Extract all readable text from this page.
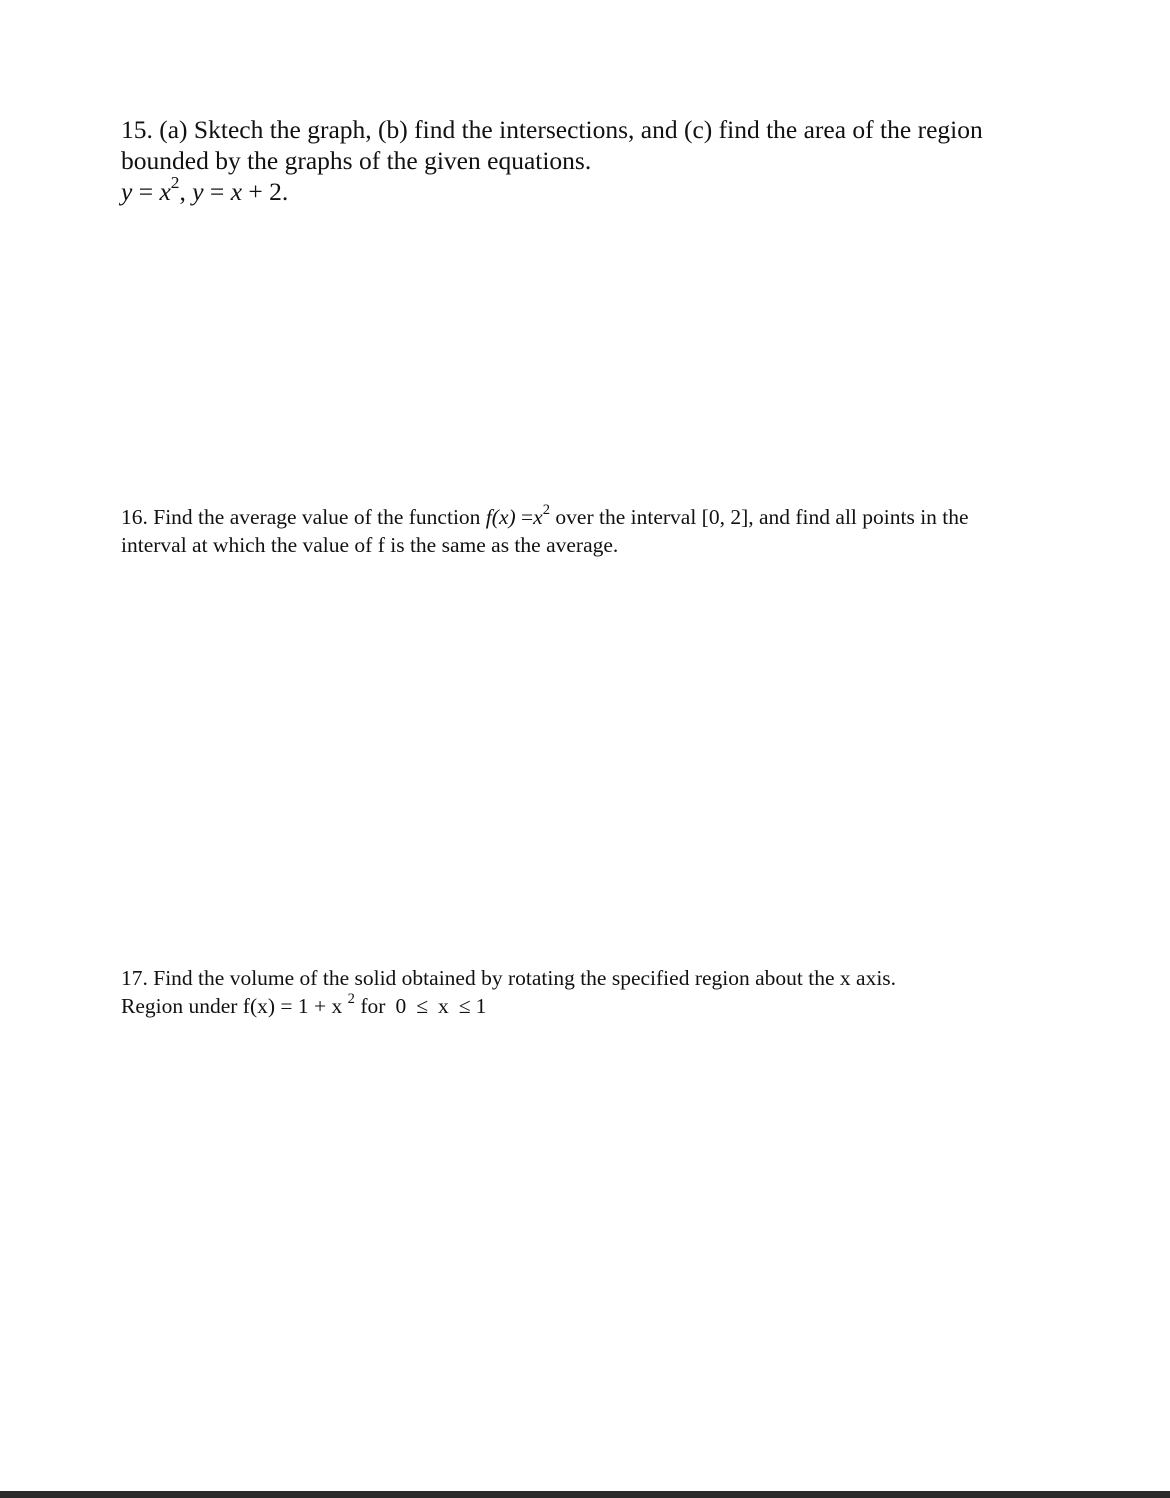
15. (a) Sktech the graph, (b) find the intersections, and (c) find the area of the region
bounded by the graphs of the given equations.
$y = x^2$, y = x + 2.
16. Find the average value of the function $f(x) =x^2$ over the interval [0, 2], and find all points in the
interval at which the value of f is the same as the average.
17. Find the volume of the solid obtained by rotating the specified region about the x axis.
Region under f(x) = 1 + x $^2$ for 0 ≤ x ≤ 1
